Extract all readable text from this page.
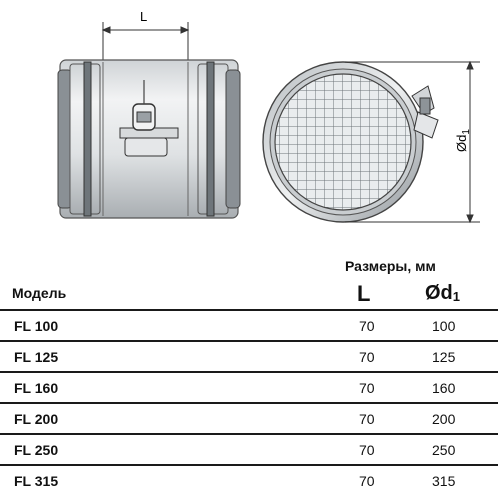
L
$Ød_1$
Размеры, мм
Модель	L	$Ød_1$
FL 100	70	100
FL 125	70	125
FL 160	70	160
FL 200	70	200
FL 250	70	250
FL 315	70	315
